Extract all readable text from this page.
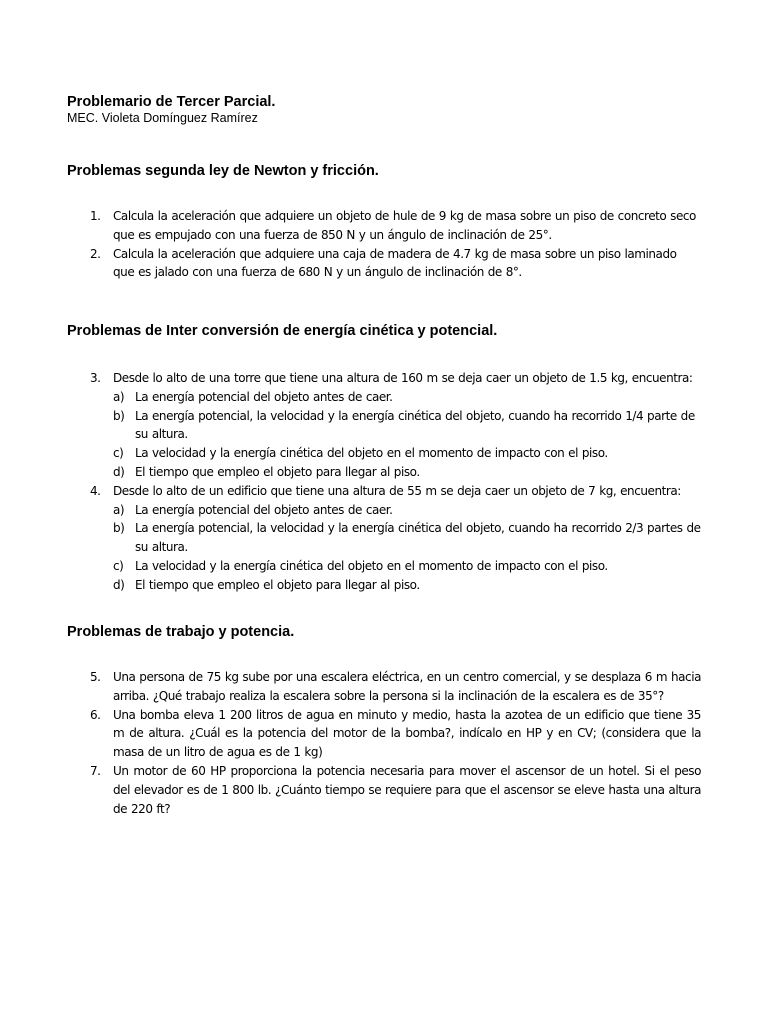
Problemario de Tercer Parcial.

MEC. Violeta Domínguez Ramírez

Problemas segunda ley de Newton y fricción.
1. Calcula la aceleración que adquiere un objeto de hule de 9 kg de masa sobre un piso de concreto seco que es empujado con una fuerza de 850 N y un ángulo de inclinación de 25°.
2. Calcula la aceleración que adquiere una caja de madera de 4.7 kg de masa sobre un piso laminado que es jalado con una fuerza de 680 N y un ángulo de inclinación de 8°.
Problemas de Inter conversión de energía cinética y potencial.
3. Desde lo alto de una torre que tiene una altura de 160 m se deja caer un objeto de 1.5 kg, encuentra:
a) La energía potencial del objeto antes de caer.
b) La energía potencial, la velocidad y la energía cinética del objeto, cuando ha recorrido 1/4 parte de su altura.
c) La velocidad y la energía cinética del objeto en el momento de impacto con el piso.
d) El tiempo que empleo el objeto para llegar al piso.
4. Desde lo alto de un edificio que tiene una altura de 55 m se deja caer un objeto de 7 kg, encuentra:
a) La energía potencial del objeto antes de caer.
b) La energía potencial, la velocidad y la energía cinética del objeto, cuando ha recorrido 2/3 partes de su altura.
c) La velocidad y la energía cinética del objeto en el momento de impacto con el piso.
d) El tiempo que empleo el objeto para llegar al piso.
Problemas de trabajo y potencia.
5. Una persona de 75 kg sube por una escalera eléctrica, en un centro comercial, y se desplaza 6 m hacia arriba. ¿Qué trabajo realiza la escalera sobre la persona si la inclinación de la escalera es de 35°?
6. Una bomba eleva 1 200 litros de agua en minuto y medio, hasta la azotea de un edificio que tiene 35 m de altura. ¿Cuál es la potencia del motor de la bomba?, indícalo en HP y en CV; (considera que la masa de un litro de agua es de 1 kg)
7. Un motor de 60 HP proporciona la potencia necesaria para mover el ascensor de un hotel. Si el peso del elevador es de 1 800 lb. ¿Cuánto tiempo se requiere para que el ascensor se eleve hasta una altura de 220 ft?
